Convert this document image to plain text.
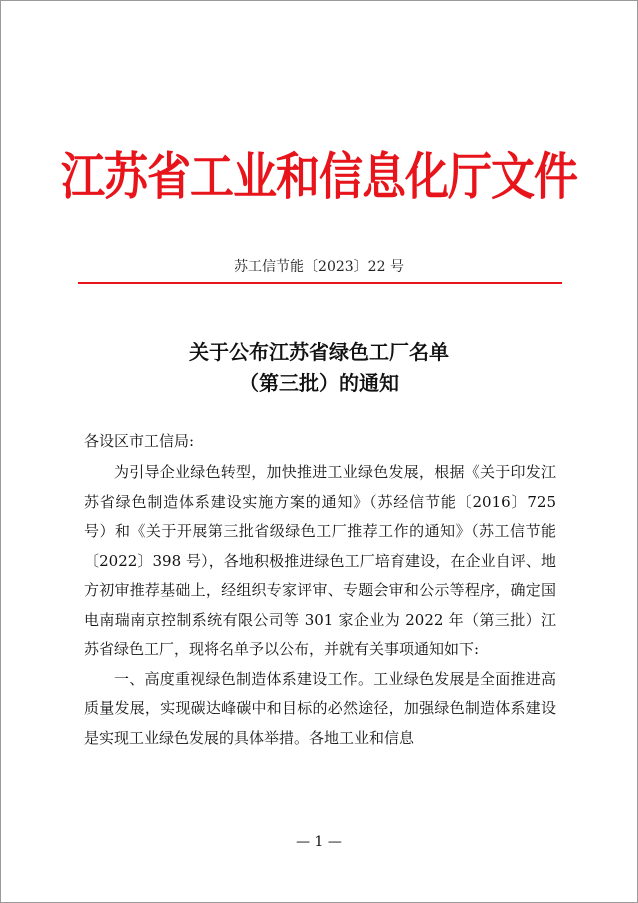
江苏省工业和信息化厅文件
苏工信节能〔2023〕22 号
关于公布江苏省绿色工厂名单
（第三批）的通知
各设区市工信局:

为引导企业绿色转型，加快推进工业绿色发展，根据《关于印发江苏省绿色制造体系建设实施方案的通知》（苏经信节能〔2016〕725 号）和《关于开展第三批省级绿色工厂推荐工作的通知》（苏工信节能〔2022〕398 号），各地积极推进绿色工厂培育建设，在企业自评、地方初审推荐基础上，经组织专家评审、专题会审和公示等程序，确定国电南瑞南京控制系统有限公司等 301 家企业为 2022 年（第三批）江苏省绿色工厂，现将名单予以公布，并就有关事项通知如下:

一、高度重视绿色制造体系建设工作。工业绿色发展是全面推进高质量发展，实现碳达峰碳中和目标的必然途径，加强绿色制造体系建设是实现工业绿色发展的具体举措。各地工业和信息

— 1 —
